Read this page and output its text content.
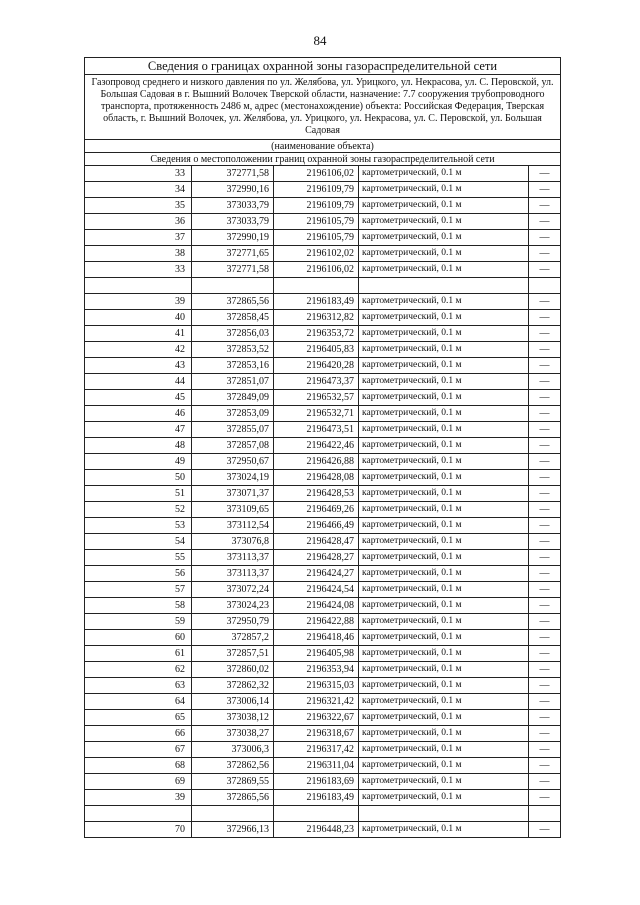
84
Сведения о границах охранной зоны газораспределительной сети				
Газопровод среднего и низкого давления по ул. Желябова, ул. Урицкого, ул. Некрасова, ул. С. Перовской, ул. Большая Садовая в г. Вышний Волочек Тверской области, назначение: 7.7 сооружения трубопроводного транспорта, протяженность 2486 м, адрес (местонахождение) объекта: Российская Федерация, Тверская область, г. Вышний Волочек, ул. Желябова, ул. Урицкого, ул. Некрасова, ул. С. Перовской, ул. Большая Садовая				
(наименование объекта)				
Сведения о местоположении границ охранной зоны газораспределительной сети				
33	372771,58	2196106,02	картометрический, 0.1 м	—
34	372990,16	2196109,79	картометрический, 0.1 м	—
35	373033,79	2196109,79	картометрический, 0.1 м	—
36	373033,79	2196105,79	картометрический, 0.1 м	—
37	372990,19	2196105,79	картометрический, 0.1 м	—
38	372771,65	2196102,02	картометрический, 0.1 м	—
33	372771,58	2196106,02	картометрический, 0.1 м	—

39	372865,56	2196183,49	картометрический, 0.1 м	—
40	372858,45	2196312,82	картометрический, 0.1 м	—
41	372856,03	2196353,72	картометрический, 0.1 м	—
42	372853,52	2196405,83	картометрический, 0.1 м	—
43	372853,16	2196420,28	картометрический, 0.1 м	—
44	372851,07	2196473,37	картометрический, 0.1 м	—
45	372849,09	2196532,57	картометрический, 0.1 м	—
46	372853,09	2196532,71	картометрический, 0.1 м	—
47	372855,07	2196473,51	картометрический, 0.1 м	—
48	372857,08	2196422,46	картометрический, 0.1 м	—
49	372950,67	2196426,88	картометрический, 0.1 м	—
50	373024,19	2196428,08	картометрический, 0.1 м	—
51	373071,37	2196428,53	картометрический, 0.1 м	—
52	373109,65	2196469,26	картометрический, 0.1 м	—
53	373112,54	2196466,49	картометрический, 0.1 м	—
54	373076,8	2196428,47	картометрический, 0.1 м	—
55	373113,37	2196428,27	картометрический, 0.1 м	—
56	373113,37	2196424,27	картометрический, 0.1 м	—
57	373072,24	2196424,54	картометрический, 0.1 м	—
58	373024,23	2196424,08	картометрический, 0.1 м	—
59	372950,79	2196422,88	картометрический, 0.1 м	—
60	372857,2	2196418,46	картометрический, 0.1 м	—
61	372857,51	2196405,98	картометрический, 0.1 м	—
62	372860,02	2196353,94	картометрический, 0.1 м	—
63	372862,32	2196315,03	картометрический, 0.1 м	—
64	373006,14	2196321,42	картометрический, 0.1 м	—
65	373038,12	2196322,67	картометрический, 0.1 м	—
66	373038,27	2196318,67	картометрический, 0.1 м	—
67	373006,3	2196317,42	картометрический, 0.1 м	—
68	372862,56	2196311,04	картометрический, 0.1 м	—
69	372869,55	2196183,69	картометрический, 0.1 м	—
39	372865,56	2196183,49	картометрический, 0.1 м	—

70	372966,13	2196448,23	картометрический, 0.1 м	—
